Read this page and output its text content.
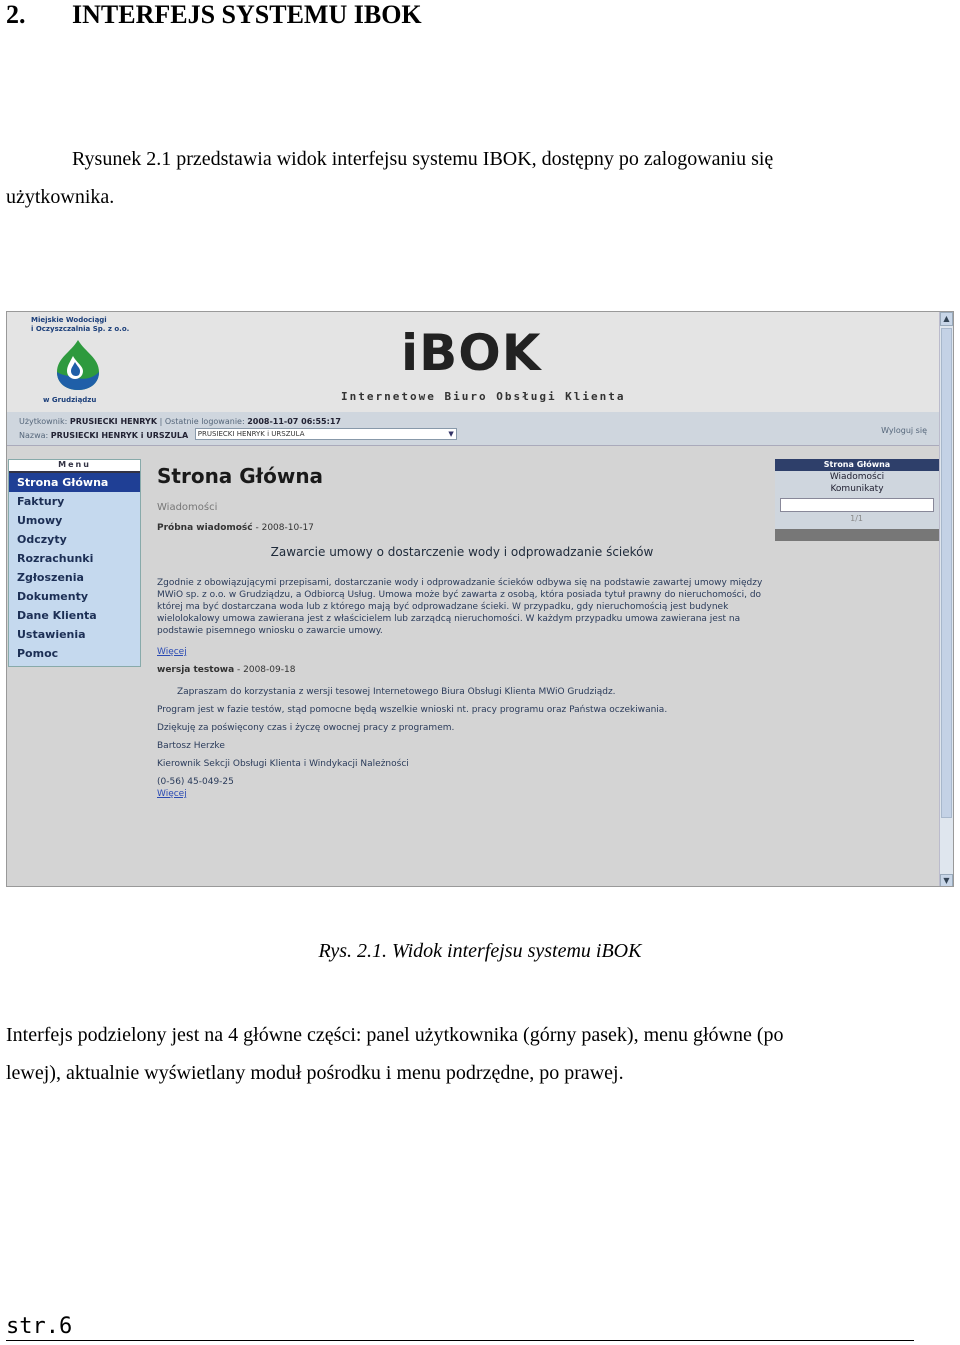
2. INTERFEJS SYSTEMU IBOK
Rysunek 2.1 przedstawia widok interfejsu systemu IBOK, dostępny po zalogowaniu się
użytkownika.
Miejskie Wodociągi
i Oczyszczalnia Sp. z o.o.
w Grudziądzu
iBOK
Internetowe Biuro Obsługi Klienta
Użytkownik: PRUSIECKI HENRYK | Ostatnie logowanie: 2008-11-07 06:55:17
Nazwa: PRUSIECKI HENRYK i URSZULA PRUSIECKI HENRYK i URSZULA	▼	Wyloguj się
Menu
Strona Główna
Faktury
Umowy
Odczyty
Rozrachunki
Zgłoszenia
Dokumenty
Dane Klienta
Ustawienia
Pomoc
Strona Główna
Wiadomości
Próbna wiadomość - 2008-10-17
Zawarcie umowy o dostarczenie wody i odprowadzanie ścieków
Zgodnie z obowiązującymi przepisami, dostarczanie wody i odprowadzanie ścieków odbywa się na podstawie zawartej umowy między MWiO sp. z o.o. w Grudziądzu, a Odbiorcą Usług. Umowa może być zawarta z osobą, która posiada tytuł prawny do nieruchomości, do której ma być dostarczana woda lub z którego mają być odprowadzane ścieki. W przypadku, gdy nieruchomością jest budynek wielolokalowy umowa zawierana jest z właścicielem lub zarządcą nieruchomości. W każdym przypadku umowa zawierana jest na podstawie pisemnego wniosku o zawarcie umowy.
Więcej
wersja testowa - 2008-09-18
Zapraszam do korzystania z wersji tesowej Internetowego Biura Obsługi Klienta MWiO Grudziądz.
Program jest w fazie testów, stąd pomocne będą wszelkie wnioski nt. pracy programu oraz Państwa oczekiwania.
Dziękuję za poświęcony czas i życzę owocnej pracy z programem.
Bartosz Herzke
Kierownik Sekcji Obsługi Klienta i Windykacji Należności
(0-56) 45-049-25
Więcej
Strona Główna
Wiadomości
Komunikaty
1/1
▲
▼
Rys. 2.1. Widok interfejsu systemu iBOK
Interfejs podzielony jest na 4 główne części: panel użytkownika (górny pasek), menu główne (po
lewej), aktualnie wyświetlany moduł pośrodku i menu podrzędne, po prawej.
str.6
